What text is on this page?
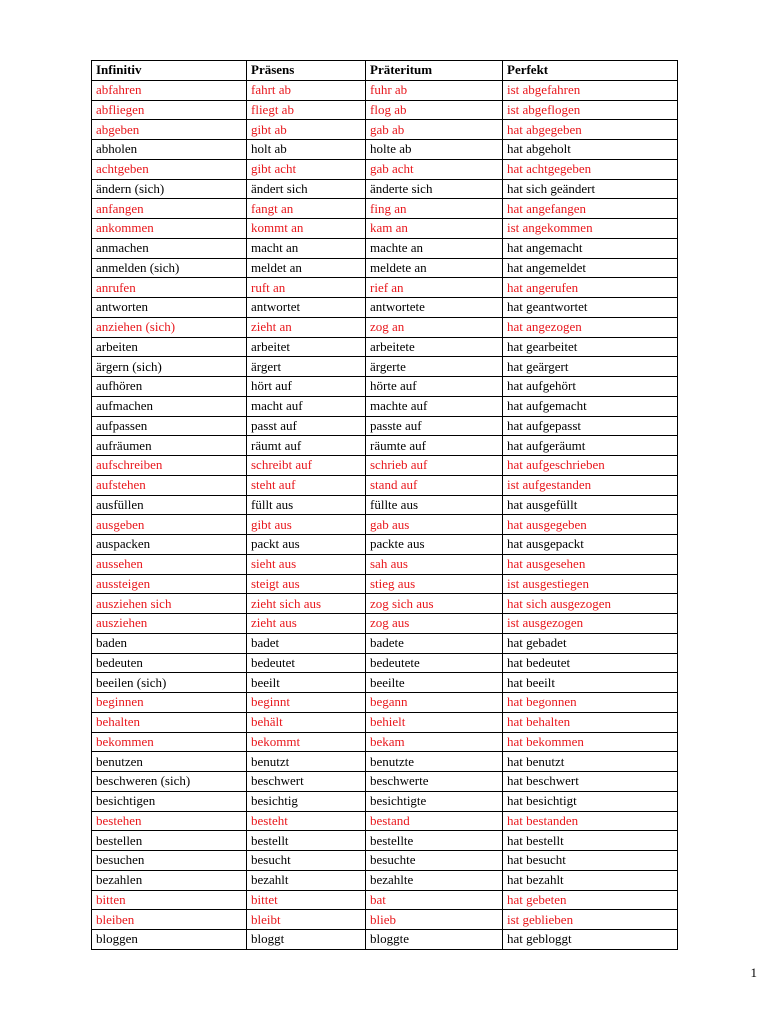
Infinitiv	Präsens	Präteritum	Perfekt
abfahren	fahrt ab	fuhr ab	ist abgefahren
abfliegen	fliegt ab	flog ab	ist abgeflogen
abgeben	gibt ab	gab ab	hat abgegeben
abholen	holt ab	holte ab	hat abgeholt
achtgeben	gibt acht	gab acht	hat achtgegeben
ändern (sich)	ändert sich	änderte sich	hat sich geändert
anfangen	fangt an	fing an	hat angefangen
ankommen	kommt an	kam an	ist angekommen
anmachen	macht an	machte an	hat angemacht
anmelden (sich)	meldet an	meldete an	hat angemeldet
anrufen	ruft an	rief an	hat angerufen
antworten	antwortet	antwortete	hat geantwortet
anziehen (sich)	zieht an	zog an	hat angezogen
arbeiten	arbeitet	arbeitete	hat gearbeitet
ärgern (sich)	ärgert	ärgerte	hat geärgert
aufhören	hört auf	hörte auf	hat aufgehört
aufmachen	macht auf	machte auf	hat aufgemacht
aufpassen	passt auf	passte auf	hat aufgepasst
aufräumen	räumt auf	räumte auf	hat aufgeräumt
aufschreiben	schreibt auf	schrieb auf	hat aufgeschrieben
aufstehen	steht auf	stand auf	ist aufgestanden
ausfüllen	füllt aus	füllte aus	hat ausgefüllt
ausgeben	gibt aus	gab aus	hat ausgegeben
auspacken	packt aus	packte aus	hat ausgepackt
aussehen	sieht aus	sah aus	hat ausgesehen
aussteigen	steigt aus	stieg aus	ist ausgestiegen
ausziehen sich	zieht sich aus	zog sich aus	hat sich ausgezogen
ausziehen	zieht aus	zog aus	ist ausgezogen
baden	badet	badete	hat gebadet
bedeuten	bedeutet	bedeutete	hat bedeutet
beeilen (sich)	beeilt	beeilte	hat beeilt
beginnen	beginnt	begann	hat begonnen
behalten	behält	behielt	hat behalten
bekommen	bekommt	bekam	hat bekommen
benutzen	benutzt	benutzte	hat benutzt
beschweren (sich)	beschwert	beschwerte	hat beschwert
besichtigen	besichtig	besichtigte	hat besichtigt
bestehen	besteht	bestand	hat bestanden
bestellen	bestellt	bestellte	hat bestellt
besuchen	besucht	besuchte	hat besucht
bezahlen	bezahlt	bezahlte	hat bezahlt
bitten	bittet	bat	hat gebeten
bleiben	bleibt	blieb	ist geblieben
bloggen	bloggt	bloggte	hat gebloggt
1
